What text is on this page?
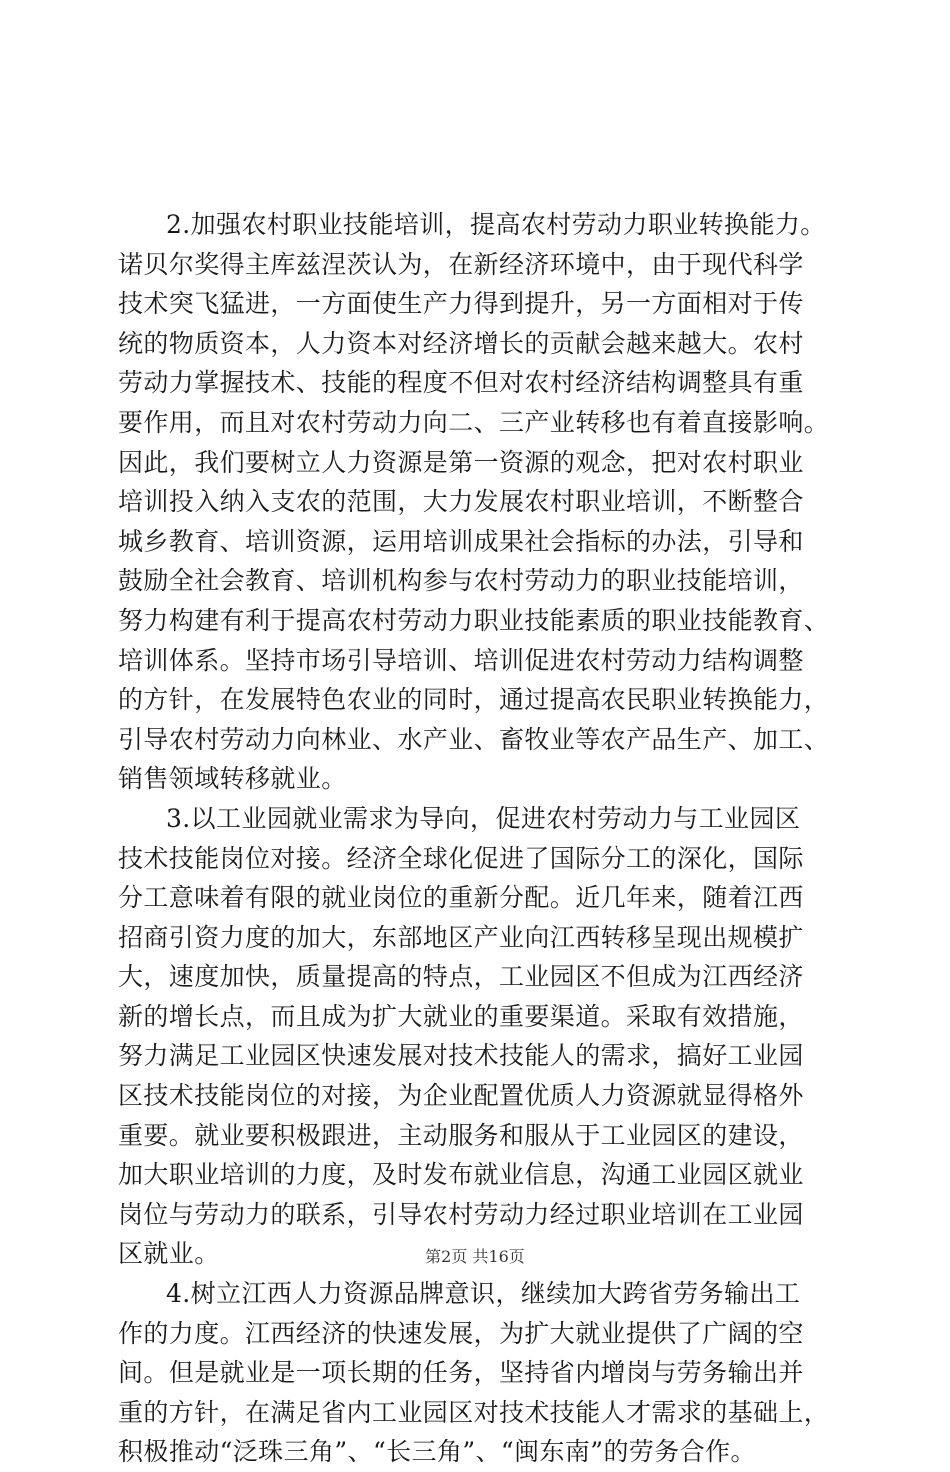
2.加强农村职业技能培训，提高农村劳动力职业转换能力。
诺贝尔奖得主库兹涅茨认为，在新经济环境中，由于现代科学
技术突飞猛进，一方面使生产力得到提升，另一方面相对于传
统的物质资本，人力资本对经济增长的贡献会越来越大。农村
劳动力掌握技术、技能的程度不但对农村经济结构调整具有重
要作用，而且对农村劳动力向二、三产业转移也有着直接影响。
因此，我们要树立人力资源是第一资源的观念，把对农村职业
培训投入纳入支农的范围，大力发展农村职业培训，不断整合
城乡教育、培训资源，运用培训成果社会指标的办法，引导和
鼓励全社会教育、培训机构参与农村劳动力的职业技能培训，
努力构建有利于提高农村劳动力职业技能素质的职业技能教育、
培训体系。坚持市场引导培训、培训促进农村劳动力结构调整
的方针，在发展特色农业的同时，通过提高农民职业转换能力，
引导农村劳动力向林业、水产业、畜牧业等农产品生产、加工、
销售领域转移就业。
3.以工业园就业需求为导向，促进农村劳动力与工业园区
技术技能岗位对接。经济全球化促进了国际分工的深化，国际
分工意味着有限的就业岗位的重新分配。近几年来，随着江西
招商引资力度的加大，东部地区产业向江西转移呈现出规模扩
大，速度加快，质量提高的特点，工业园区不但成为江西经济
新的增长点，而且成为扩大就业的重要渠道。采取有效措施，
努力满足工业园区快速发展对技术技能人的需求，搞好工业园
区技术技能岗位的对接，为企业配置优质人力资源就显得格外
重要。就业要积极跟进，主动服务和服从于工业园区的建设，
加大职业培训的力度，及时发布就业信息，沟通工业园区就业
岗位与劳动力的联系，引导农村劳动力经过职业培训在工业园
区就业。
4.树立江西人力资源品牌意识，继续加大跨省劳务输出工
作的力度。江西经济的快速发展，为扩大就业提供了广阔的空
间。但是就业是一项长期的任务，坚持省内增岗与劳务输出并
重的方针，在满足省内工业园区对技术技能人才需求的基础上，
积极推动“泛珠三角”、“长三角”、“闽东南”的劳务合作。
第2页 共16页
